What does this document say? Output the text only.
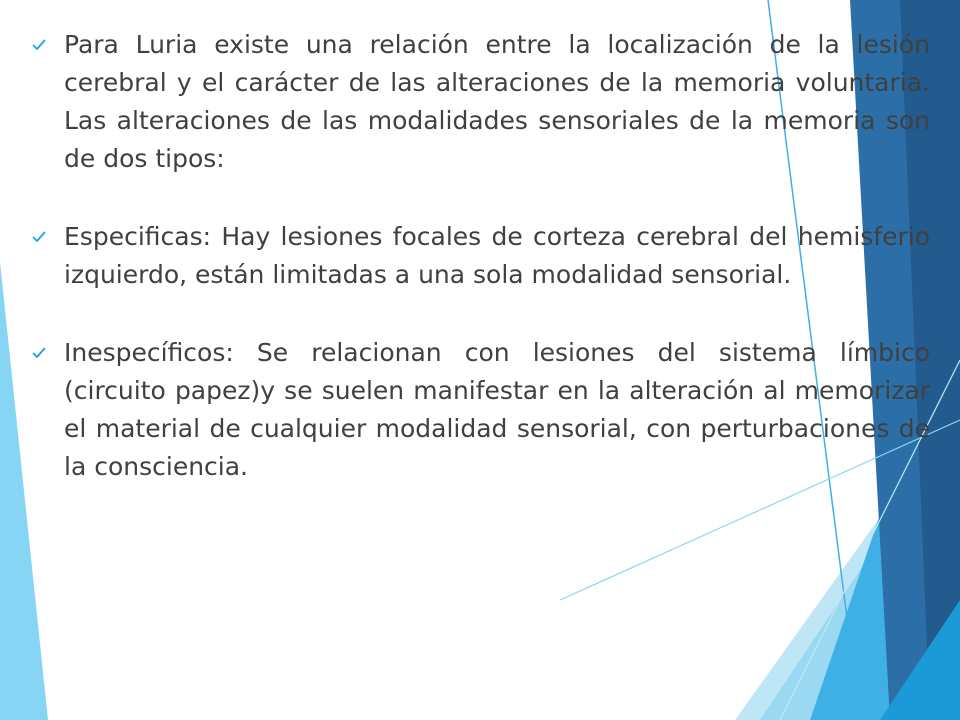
Para Luria existe una relación entre la localización de la lesión cerebral y el carácter de las alteraciones de la memoria voluntaria. Las alteraciones de las modalidades sensoriales de la memoria son de dos tipos:

Especificas: Hay lesiones focales de corteza cerebral del hemisferio izquierdo, están limitadas a una sola modalidad sensorial.

Inespecíficos: Se relacionan con lesiones del sistema límbico (circuito papez)y se suelen manifestar en la alteración al memorizar el material de cualquier modalidad sensorial, con perturbaciones de la consciencia.
